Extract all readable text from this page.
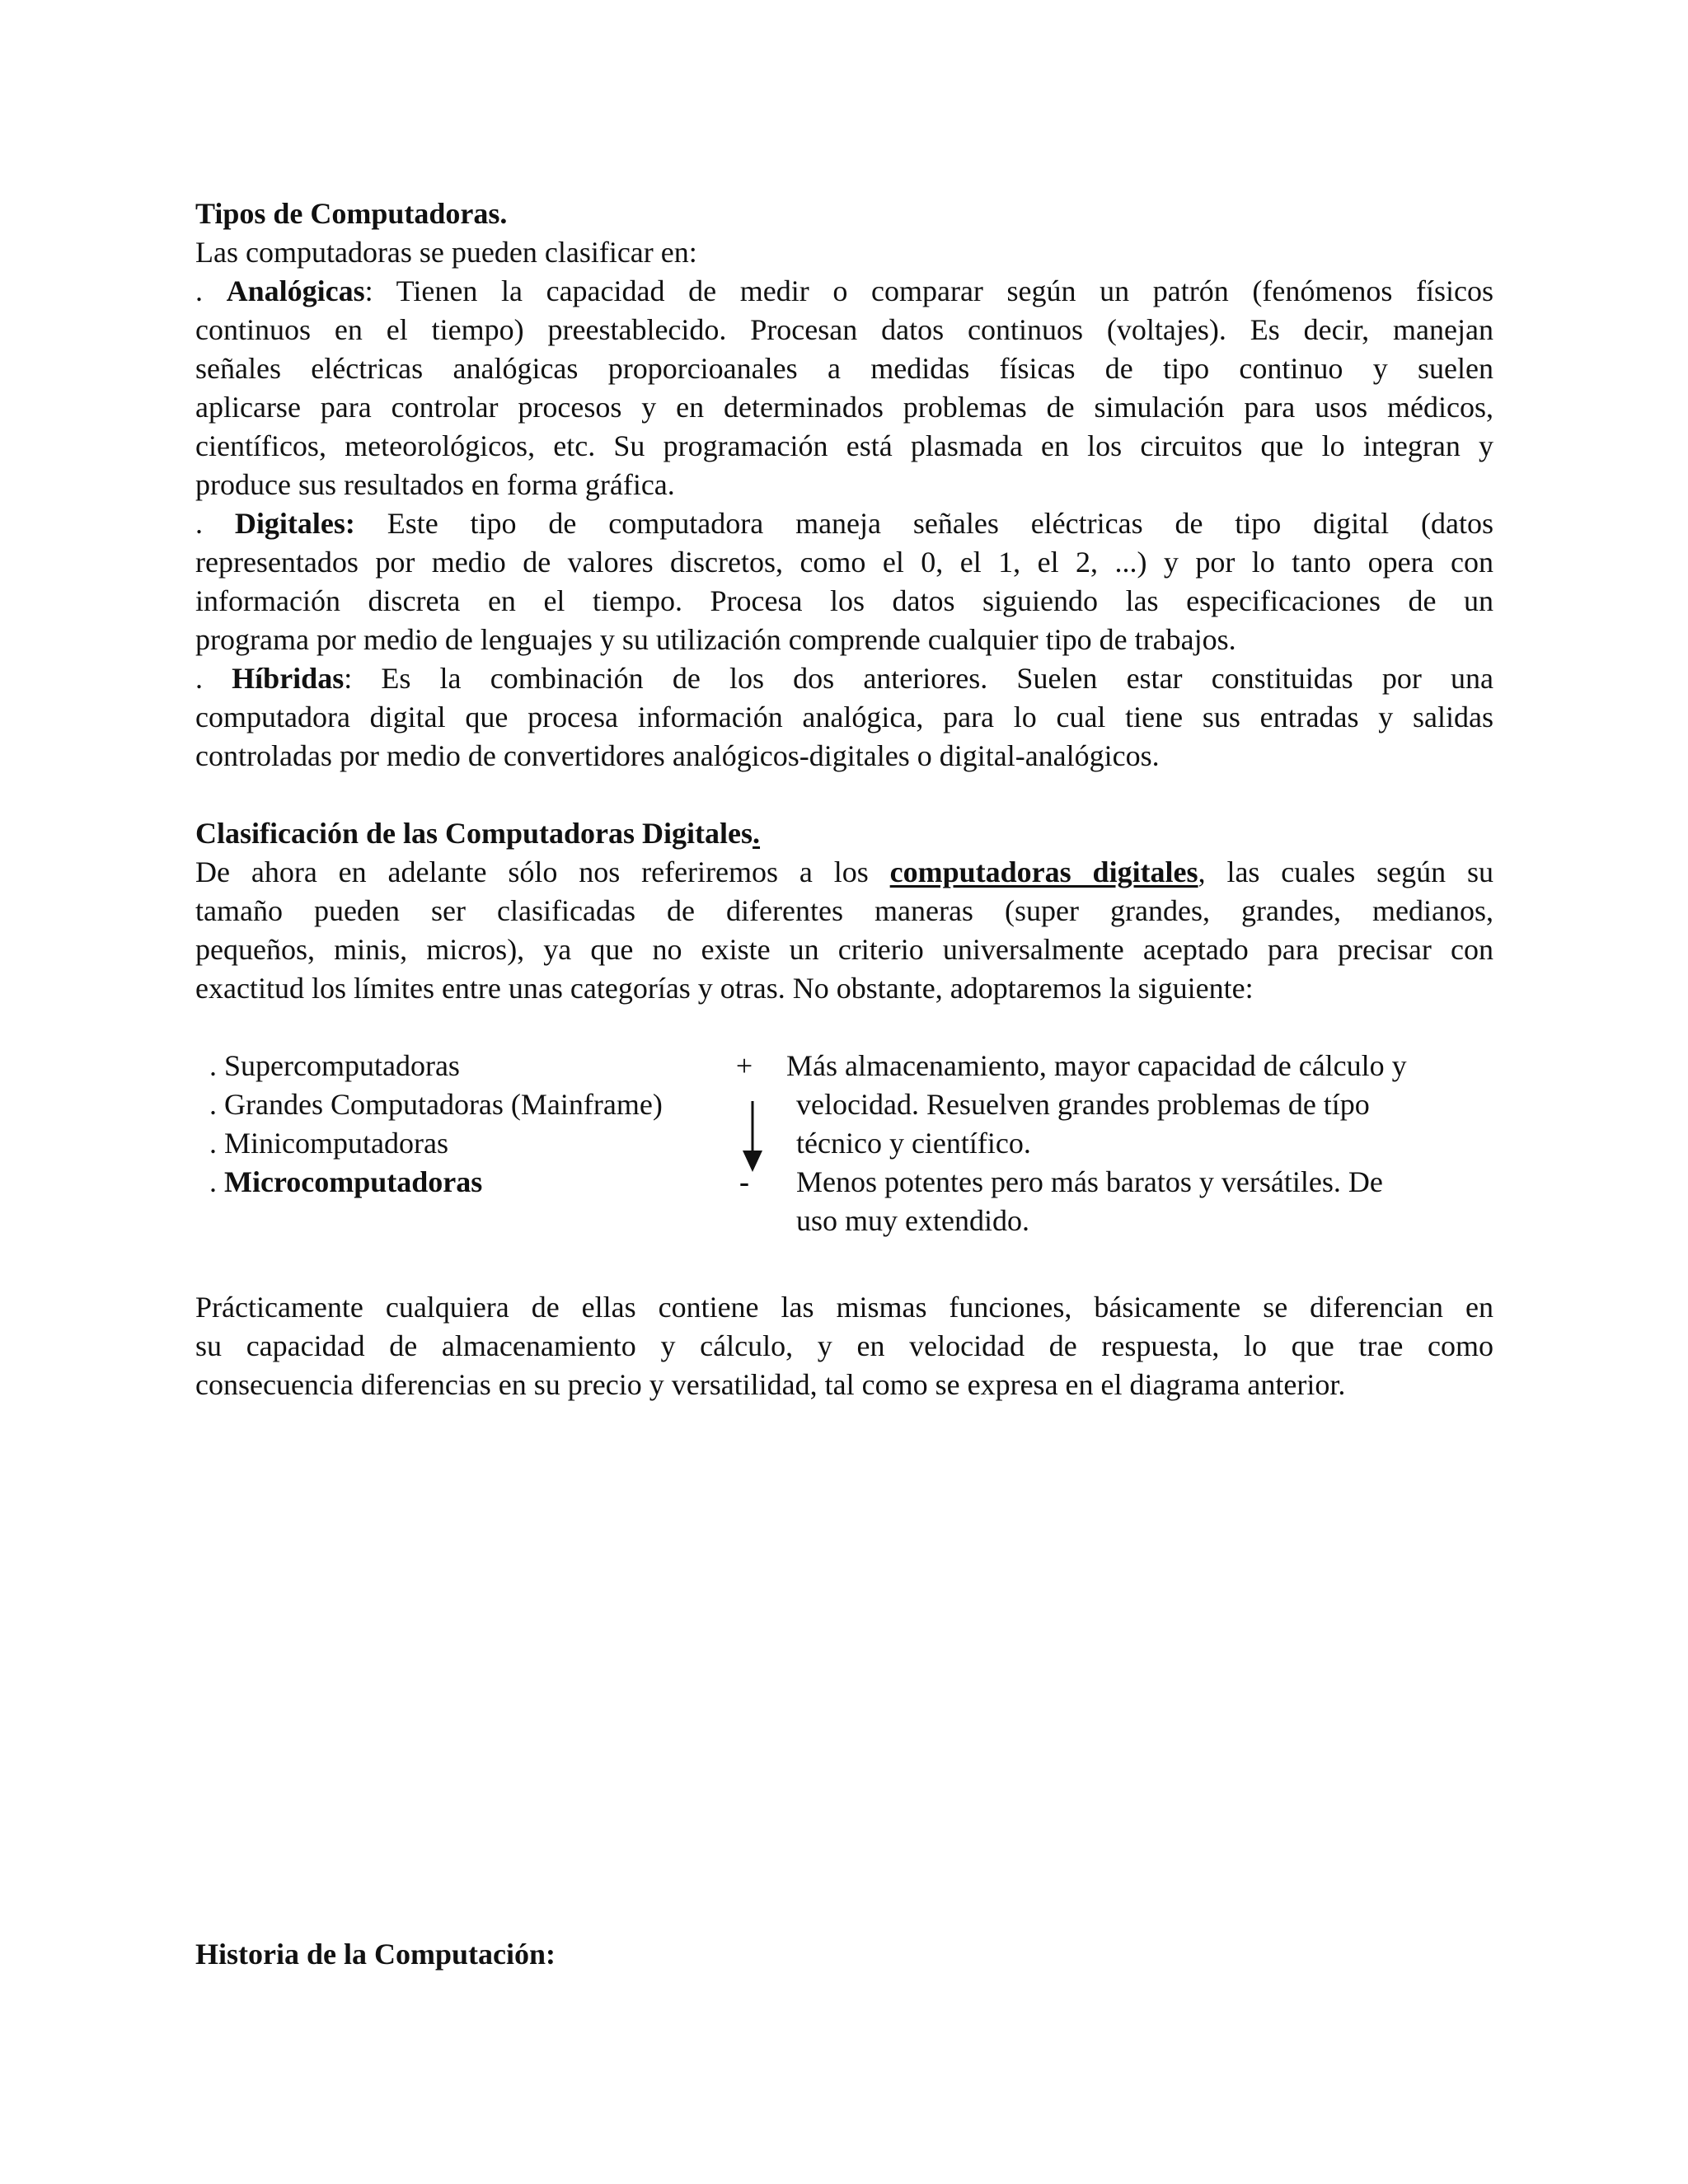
Tipos de Computadoras.
Las computadoras se pueden clasificar en:
. Analógicas: Tienen la capacidad de medir o comparar según un patrón (fenómenos físicos
continuos en el tiempo) preestablecido. Procesan datos continuos (voltajes). Es decir, manejan
señales eléctricas analógicas proporcioanales a medidas físicas de tipo continuo y suelen
aplicarse para controlar procesos y en determinados problemas de simulación para usos médicos,
científicos, meteorológicos, etc. Su programación está plasmada en los circuitos que lo integran y
produce sus resultados en forma gráfica.
. Digitales: Este tipo de computadora maneja señales eléctricas de tipo digital (datos
representados por medio de valores discretos, como el 0, el 1, el 2, ...) y por lo tanto opera con
información discreta en el tiempo. Procesa los datos siguiendo las especificaciones de un
programa por medio de lenguajes y su utilización comprende cualquier tipo de trabajos.
. Híbridas: Es la combinación de los dos anteriores. Suelen estar constituidas por una
computadora digital que procesa información analógica, para lo cual tiene sus entradas y salidas
controladas por medio de convertidores analógicos-digitales o digital-analógicos.
Clasificación de las Computadoras Digitales.
De ahora en adelante sólo nos referiremos a los computadoras digitales, las cuales según su
tamaño pueden ser clasificadas de diferentes maneras (super grandes, grandes, medianos,
pequeños, minis, micros), ya que no existe un criterio universalmente aceptado para precisar con
exactitud los límites entre unas categorías y otras. No obstante, adoptaremos la siguiente:
. Supercomputadoras
. Grandes Computadoras (Mainframe)
. Minicomputadoras
. Microcomputadoras
+
-
Más almacenamiento, mayor capacidad de cálculo y
velocidad. Resuelven grandes problemas de típo
técnico y científico.
Menos potentes pero más baratos y versátiles. De
uso muy extendido.
Prácticamente cualquiera de ellas contiene las mismas funciones, básicamente se diferencian en
su capacidad de almacenamiento y cálculo, y en velocidad de respuesta, lo que trae como
consecuencia diferencias en su precio y versatilidad, tal como se expresa en el diagrama anterior.
Historia de la Computación:
